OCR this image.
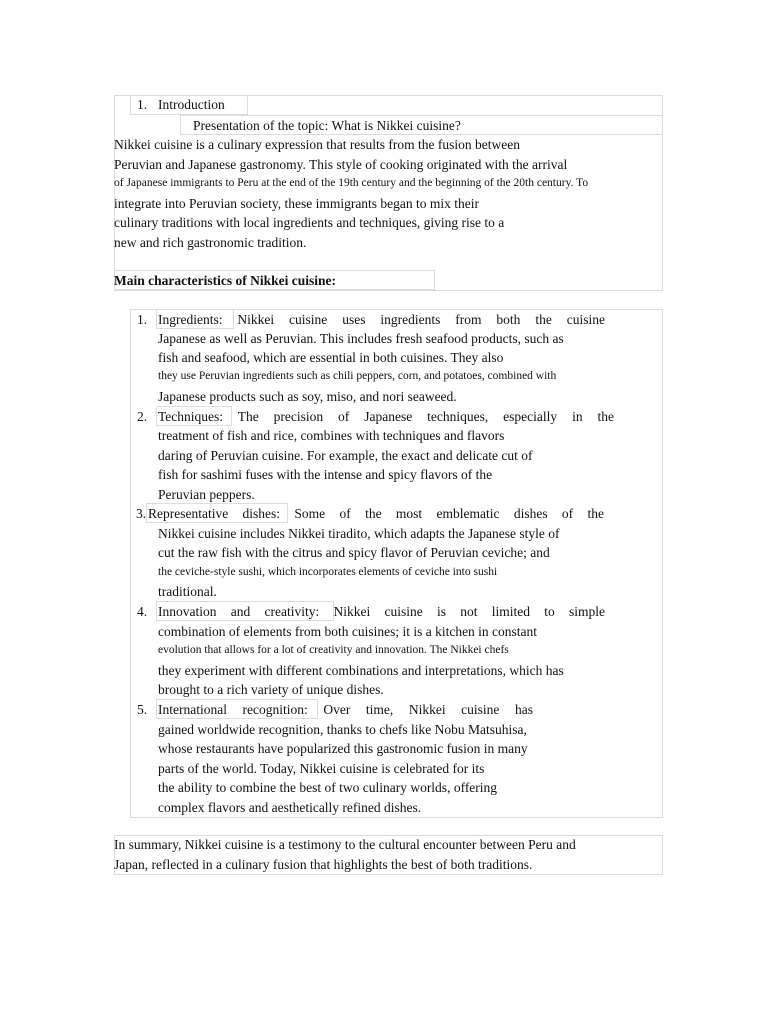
1. Introduction
Presentation of the topic: What is Nikkei cuisine?
Nikkei cuisine is a culinary expression that results from the fusion between
Peruvian and Japanese gastronomy. This style of cooking originated with the arrival
of Japanese immigrants to Peru at the end of the 19th century and the beginning of the 20th century. To
integrate into Peruvian society, these immigrants began to mix their
culinary traditions with local ingredients and techniques, giving rise to a
new and rich gastronomic tradition.
Main characteristics of Nikkei cuisine:
1. Ingredients: Nikkei cuisine uses ingredients from both the cuisine
Japanese as well as Peruvian. This includes fresh seafood products, such as
fish and seafood, which are essential in both cuisines. They also
they use Peruvian ingredients such as chili peppers, corn, and potatoes, combined with
Japanese products such as soy, miso, and nori seaweed.
2. Techniques: The precision of Japanese techniques, especially in the
treatment of fish and rice, combines with techniques and flavors
daring of Peruvian cuisine. For example, the exact and delicate cut of
fish for sashimi fuses with the intense and spicy flavors of the
Peruvian peppers.
3. Representative dishes: Some of the most emblematic dishes of the
Nikkei cuisine includes Nikkei tiradito, which adapts the Japanese style of
cut the raw fish with the citrus and spicy flavor of Peruvian ceviche; and
the ceviche-style sushi, which incorporates elements of ceviche into sushi
traditional.
4. Innovation and creativity: Nikkei cuisine is not limited to simple
combination of elements from both cuisines; it is a kitchen in constant
evolution that allows for a lot of creativity and innovation. The Nikkei chefs
they experiment with different combinations and interpretations, which has
brought to a rich variety of unique dishes.
5. International recognition: Over time, Nikkei cuisine has
gained worldwide recognition, thanks to chefs like Nobu Matsuhisa,
whose restaurants have popularized this gastronomic fusion in many
parts of the world. Today, Nikkei cuisine is celebrated for its
the ability to combine the best of two culinary worlds, offering
complex flavors and aesthetically refined dishes.
In summary, Nikkei cuisine is a testimony to the cultural encounter between Peru and
Japan, reflected in a culinary fusion that highlights the best of both traditions.
